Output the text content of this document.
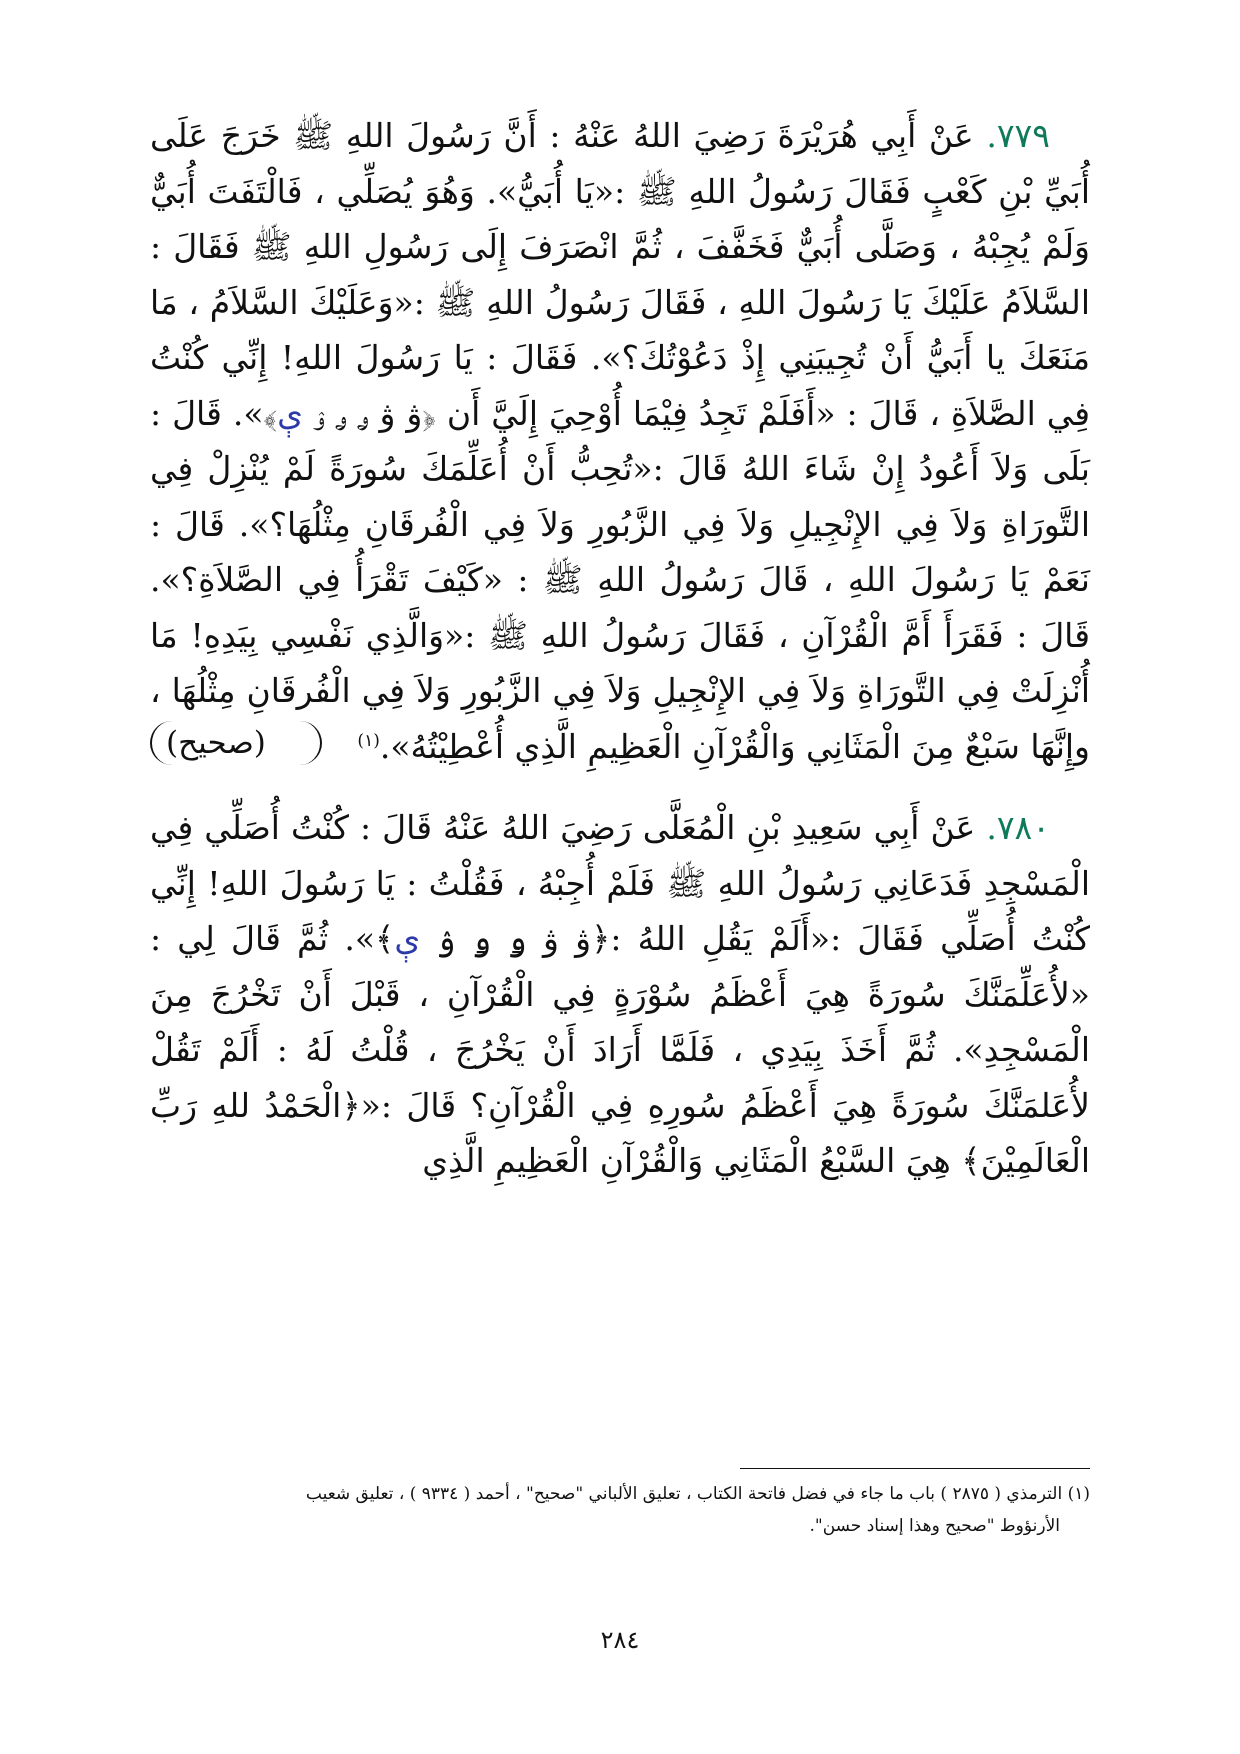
٧٧٩. عَنْ أَبِي هُرَيْرَةَ رَضِيَ اللهُ عَنْهُ : أَنَّ رَسُولَ اللهِ ﷺ خَرَجَ عَلَى أُبَيِّ بْنِ كَعْبٍ فَقَالَ رَسُولُ اللهِ ﷺ :«يَا أُبَيُّ». وَهُوَ يُصَلِّي ، فَالْتَفَتَ أُبَيٌّ وَلَمْ يُجِبْهُ ، وَصَلَّى أُبَيٌّ فَخَفَّفَ ، ثُمَّ انْصَرَفَ إِلَى رَسُولِ اللهِ ﷺ فَقَالَ : السَّلاَمُ عَلَيْكَ يَا رَسُولَ اللهِ ، فَقَالَ رَسُولُ اللهِ ﷺ :«وَعَلَيْكَ السَّلاَمُ ، مَا مَنَعَكَ يا أَبَيُّ أَنْ تُجِيبَنِي إِذْ دَعُوْتُكَ؟». فَقَالَ : يَا رَسُولَ اللهِ! إِنِّي كُنْتُ فِي الصَّلاَةِ ، قَالَ : «أَفَلَمْ تَجِدُ فِيْمَا أُوْحِيَ إِلَيَّ أَن ﴿ۋ ۋ ۅ ۅ ۉ ې﴾». قَالَ : بَلَى وَلاَ أَعُودُ إِنْ شَاءَ اللهُ قَالَ :«تُحِبُّ أَنْ أُعَلِّمَكَ سُورَةً لَمْ يُنْزِلْ فِي التَّورَاةِ وَلاَ فِي الإِنْجِيلِ وَلاَ فِي الزَّبُورِ وَلاَ فِي الْفُرقَانِ مِثْلُهَا؟». قَالَ : نَعَمْ يَا رَسُولَ اللهِ ، قَالَ رَسُولُ اللهِ ﷺ : «كَيْفَ تَقْرَأُ فِي الصَّلاَةِ؟». قَالَ : فَقَرَأَ أَمَّ الْقُرْآنِ ، فَقَالَ رَسُولُ اللهِ ﷺ :«وَالَّذِي نَفْسِي بِيَدِهِ! مَا أُنْزِلَتْ فِي التَّورَاةِ وَلاَ فِي الإِنْجِيلِ وَلاَ فِي الزَّبُورِ وَلاَ فِي الْفُرقَانِ مِثْلُهَا ، وإِنَّهَا سَبْعٌ مِنَ الْمَثَانِي وَالْقُرْآنِ الْعَظِيمِ الَّذِي أُعْطِيْتُهُ».$^{(١)}$
(صحيح)

٧٨٠. عَنْ أَبِي سَعِيدِ بْنِ الْمُعَلَّى رَضِيَ اللهُ عَنْهُ قَالَ : كُنْتُ أُصَلِّي فِي الْمَسْجِدِ فَدَعَانِي رَسُولُ اللهِ ﷺ فَلَمْ أُجِبْهُ ، فَقُلْتُ : يَا رَسُولَ اللهِ! إِنِّي كُنْتُ أُصَلِّي فَقَالَ :«أَلَمْ يَقُلِ اللهُ :﴿ۋ ۋ ۅ ۅ ۉ ې﴾». ثُمَّ قَالَ لِي : «لأُعَلِّمَنَّكَ سُورَةً هِيَ أَعْظَمُ سُوْرَةٍ فِي الْقُرْآنِ ، قَبْلَ أَنْ تَخْرُجَ مِنَ الْمَسْجِدِ». ثُمَّ أَخَذَ بِيَدِي ، فَلَمَّا أَرَادَ أَنْ يَخْرُجَ ، قُلْتُ لَهُ : أَلَمْ تَقُلْ لأُعَلمَنَّكَ سُورَةً هِيَ أَعْظَمُ سُورِهِ فِي الْقُرْآنِ؟ قَالَ :«﴿الْحَمْدُ للهِ رَبِّ الْعَالَمِيْنَ﴾ هِيَ السَّبْعُ الْمَثَانِي وَالْقُرْآنِ الْعَظِيمِ الَّذِي

(١) الترمذي ( ٢٨٧٥ ) باب ما جاء في فضل فاتحة الكتاب ، تعليق الألباني "صحيح" ، أحمد ( ٩٣٣٤ ) ، تعليق شعيب
الأرنؤوط "صحيح وهذا إسناد حسن".
٢٨٤
